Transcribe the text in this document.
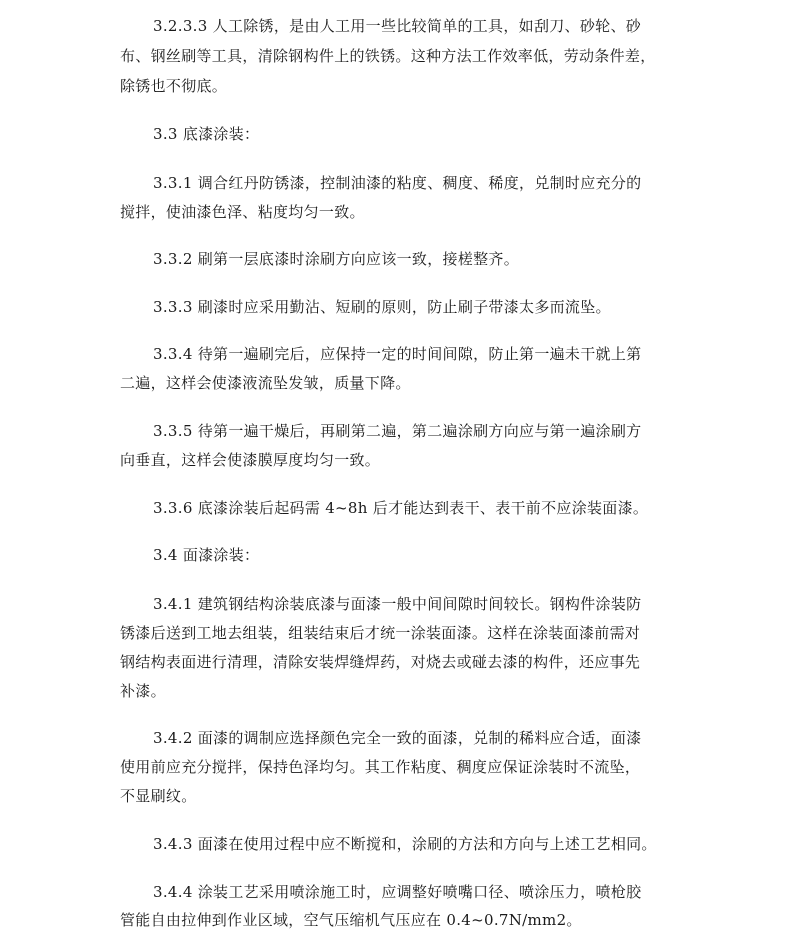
3.2.3.3 人工除锈，是由人工用一些比较简单的工具，如刮刀、砂轮、砂
布、钢丝刷等工具，清除钢构件上的铁锈。这种方法工作效率低，劳动条件差，
除锈也不彻底。
3.3 底漆涂装：
3.3.1 调合红丹防锈漆，控制油漆的粘度、稠度、稀度，兑制时应充分的
搅拌，使油漆色泽、粘度均匀一致。
3.3.2 刷第一层底漆时涂刷方向应该一致，接槎整齐。
3.3.3 刷漆时应采用勤沾、短刷的原则，防止刷子带漆太多而流坠。
3.3.4 待第一遍刷完后，应保持一定的时间间隙，防止第一遍未干就上第
二遍，这样会使漆液流坠发皱，质量下降。
3.3.5 待第一遍干燥后，再刷第二遍，第二遍涂刷方向应与第一遍涂刷方
向垂直，这样会使漆膜厚度均匀一致。
3.3.6 底漆涂装后起码需 4~8h 后才能达到表干、表干前不应涂装面漆。
3.4 面漆涂装：
3.4.1 建筑钢结构涂装底漆与面漆一般中间间隙时间较长。钢构件涂装防
锈漆后送到工地去组装，组装结束后才统一涂装面漆。这样在涂装面漆前需对
钢结构表面进行清理，清除安装焊缝焊药，对烧去或碰去漆的构件，还应事先
补漆。
3.4.2 面漆的调制应选择颜色完全一致的面漆，兑制的稀料应合适，面漆
使用前应充分搅拌，保持色泽均匀。其工作粘度、稠度应保证涂装时不流坠，
不显刷纹。
3.4.3 面漆在使用过程中应不断搅和，涂刷的方法和方向与上述工艺相同。
3.4.4 涂装工艺采用喷涂施工时，应调整好喷嘴口径、喷涂压力，喷枪胶
管能自由拉伸到作业区域，空气压缩机气压应在 0.4~0.7N/mm2。
